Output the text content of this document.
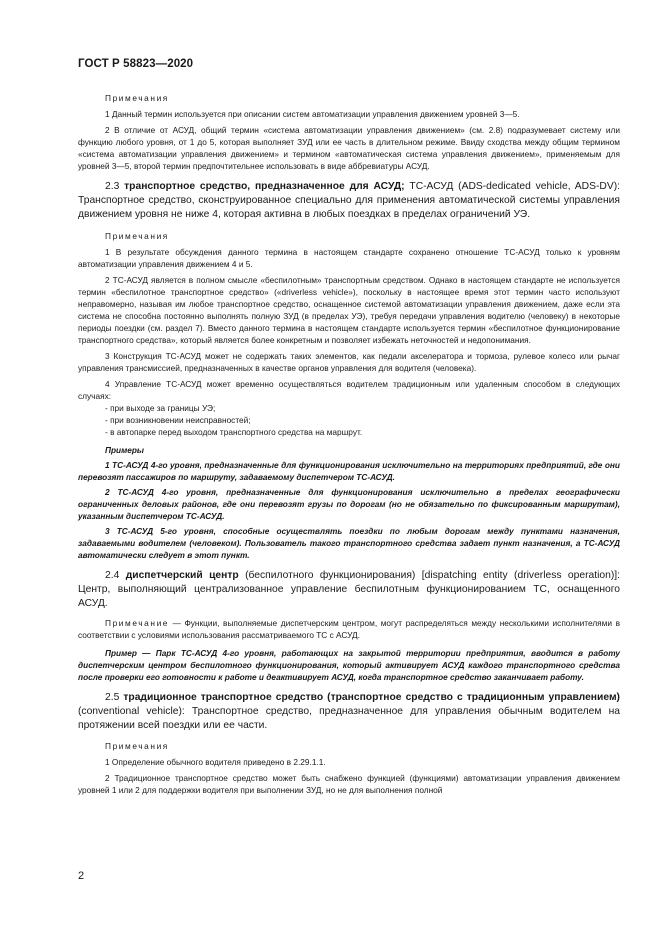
ГОСТ Р 58823—2020

Примечания

1 Данный термин используется при описании систем автоматизации управления движением уровней 3—5.

2 В отличие от АСУД, общий термин «система автоматизации управления движением» (см. 2.8) подразумевает систему или функцию любого уровня, от 1 до 5, которая выполняет ЗУД или ее часть в длительном режиме. Ввиду сходства между общим термином «система автоматизации управления движением» и термином «автоматическая система управления движением», применяемым для уровней 3—5, второй термин предпочтительнее использовать в виде аббревиатуры АСУД.

2.3 транспортное средство, предназначенное для АСУД; ТС-АСУД (ADS-dedicated vehicle, ADS-DV): Транспортное средство, сконструированное специально для применения автоматической системы управления движением уровня не ниже 4, которая активна в любых поездках в пределах ограничений УЭ.

Примечания

1 В результате обсуждения данного термина в настоящем стандарте сохранено отношение ТС-АСУД только к уровням автоматизации управления движением 4 и 5.

2 ТС-АСУД является в полном смысле «беспилотным» транспортным средством. Однако в настоящем стандарте не используется термин «беспилотное транспортное средство» («driverless vehicle»), поскольку в настоящее время этот термин часто используют неправомерно, называя им любое транспортное средство, оснащенное системой автоматизации управления движением, даже если эта система не способна постоянно выполнять полную ЗУД (в пределах УЭ), требуя передачи управления водителю (человеку) в некоторые периоды поездки (см. раздел 7). Вместо данного термина в настоящем стандарте используется термин «беспилотное функционирование транспортного средства», который является более конкретным и позволяет избежать неточностей и недопонимания.

3 Конструкция ТС-АСУД может не содержать таких элементов, как педали акселератора и тормоза, рулевое колесо или рычаг управления трансмиссией, предназначенных в качестве органов управления для водителя (человека).

4 Управление ТС-АСУД может временно осуществляться водителем традиционным или удаленным способом в следующих случаях:

- при выходе за границы УЭ;

- при возникновении неисправностей;

- в автопарке перед выходом транспортного средства на маршрут.

Примеры

1 ТС-АСУД 4-го уровня, предназначенные для функционирования исключительно на территориях предприятий, где они перевозят пассажиров по маршруту, задаваемому диспетчером ТС-АСУД.

2 ТС-АСУД 4-го уровня, предназначенные для функционирования исключительно в пределах географически ограниченных деловых районов, где они перевозят грузы по дорогам (но не обязательно по фиксированным маршрутам), указанным диспетчером ТС-АСУД.

3 ТС-АСУД 5-го уровня, способные осуществлять поездки по любым дорогам между пунктами назначения, задаваемыми водителем (человеком). Пользователь такого транспортного средства задает пункт назначения, а ТС-АСУД автоматически следует в этот пункт.

2.4 диспетчерский центр (беспилотного функционирования) [dispatching entity (driverless operation)]: Центр, выполняющий централизованное управление беспилотным функционированием ТС, оснащенного АСУД.

Примечание — Функции, выполняемые диспетчерским центром, могут распределяться между несколькими исполнителями в соответствии с условиями использования рассматриваемого ТС с АСУД.

Пример — Парк ТС-АСУД 4-го уровня, работающих на закрытой территории предприятия, вводится в работу диспетчерским центром беспилотного функционирования, который активирует АСУД каждого транспортного средства после проверки его готовности к работе и деактивирует АСУД, когда транспортное средство заканчивает работу.

2.5 традиционное транспортное средство (транспортное средство с традиционным управлением) (conventional vehicle): Транспортное средство, предназначенное для управления обычным водителем на протяжении всей поездки или ее части.

Примечания

1 Определение обычного водителя приведено в 2.29.1.1.

2 Традиционное транспортное средство может быть снабжено функцией (функциями) автоматизации управления движением уровней 1 или 2 для поддержки водителя при выполнении ЗУД, но не для выполнения полной

2
